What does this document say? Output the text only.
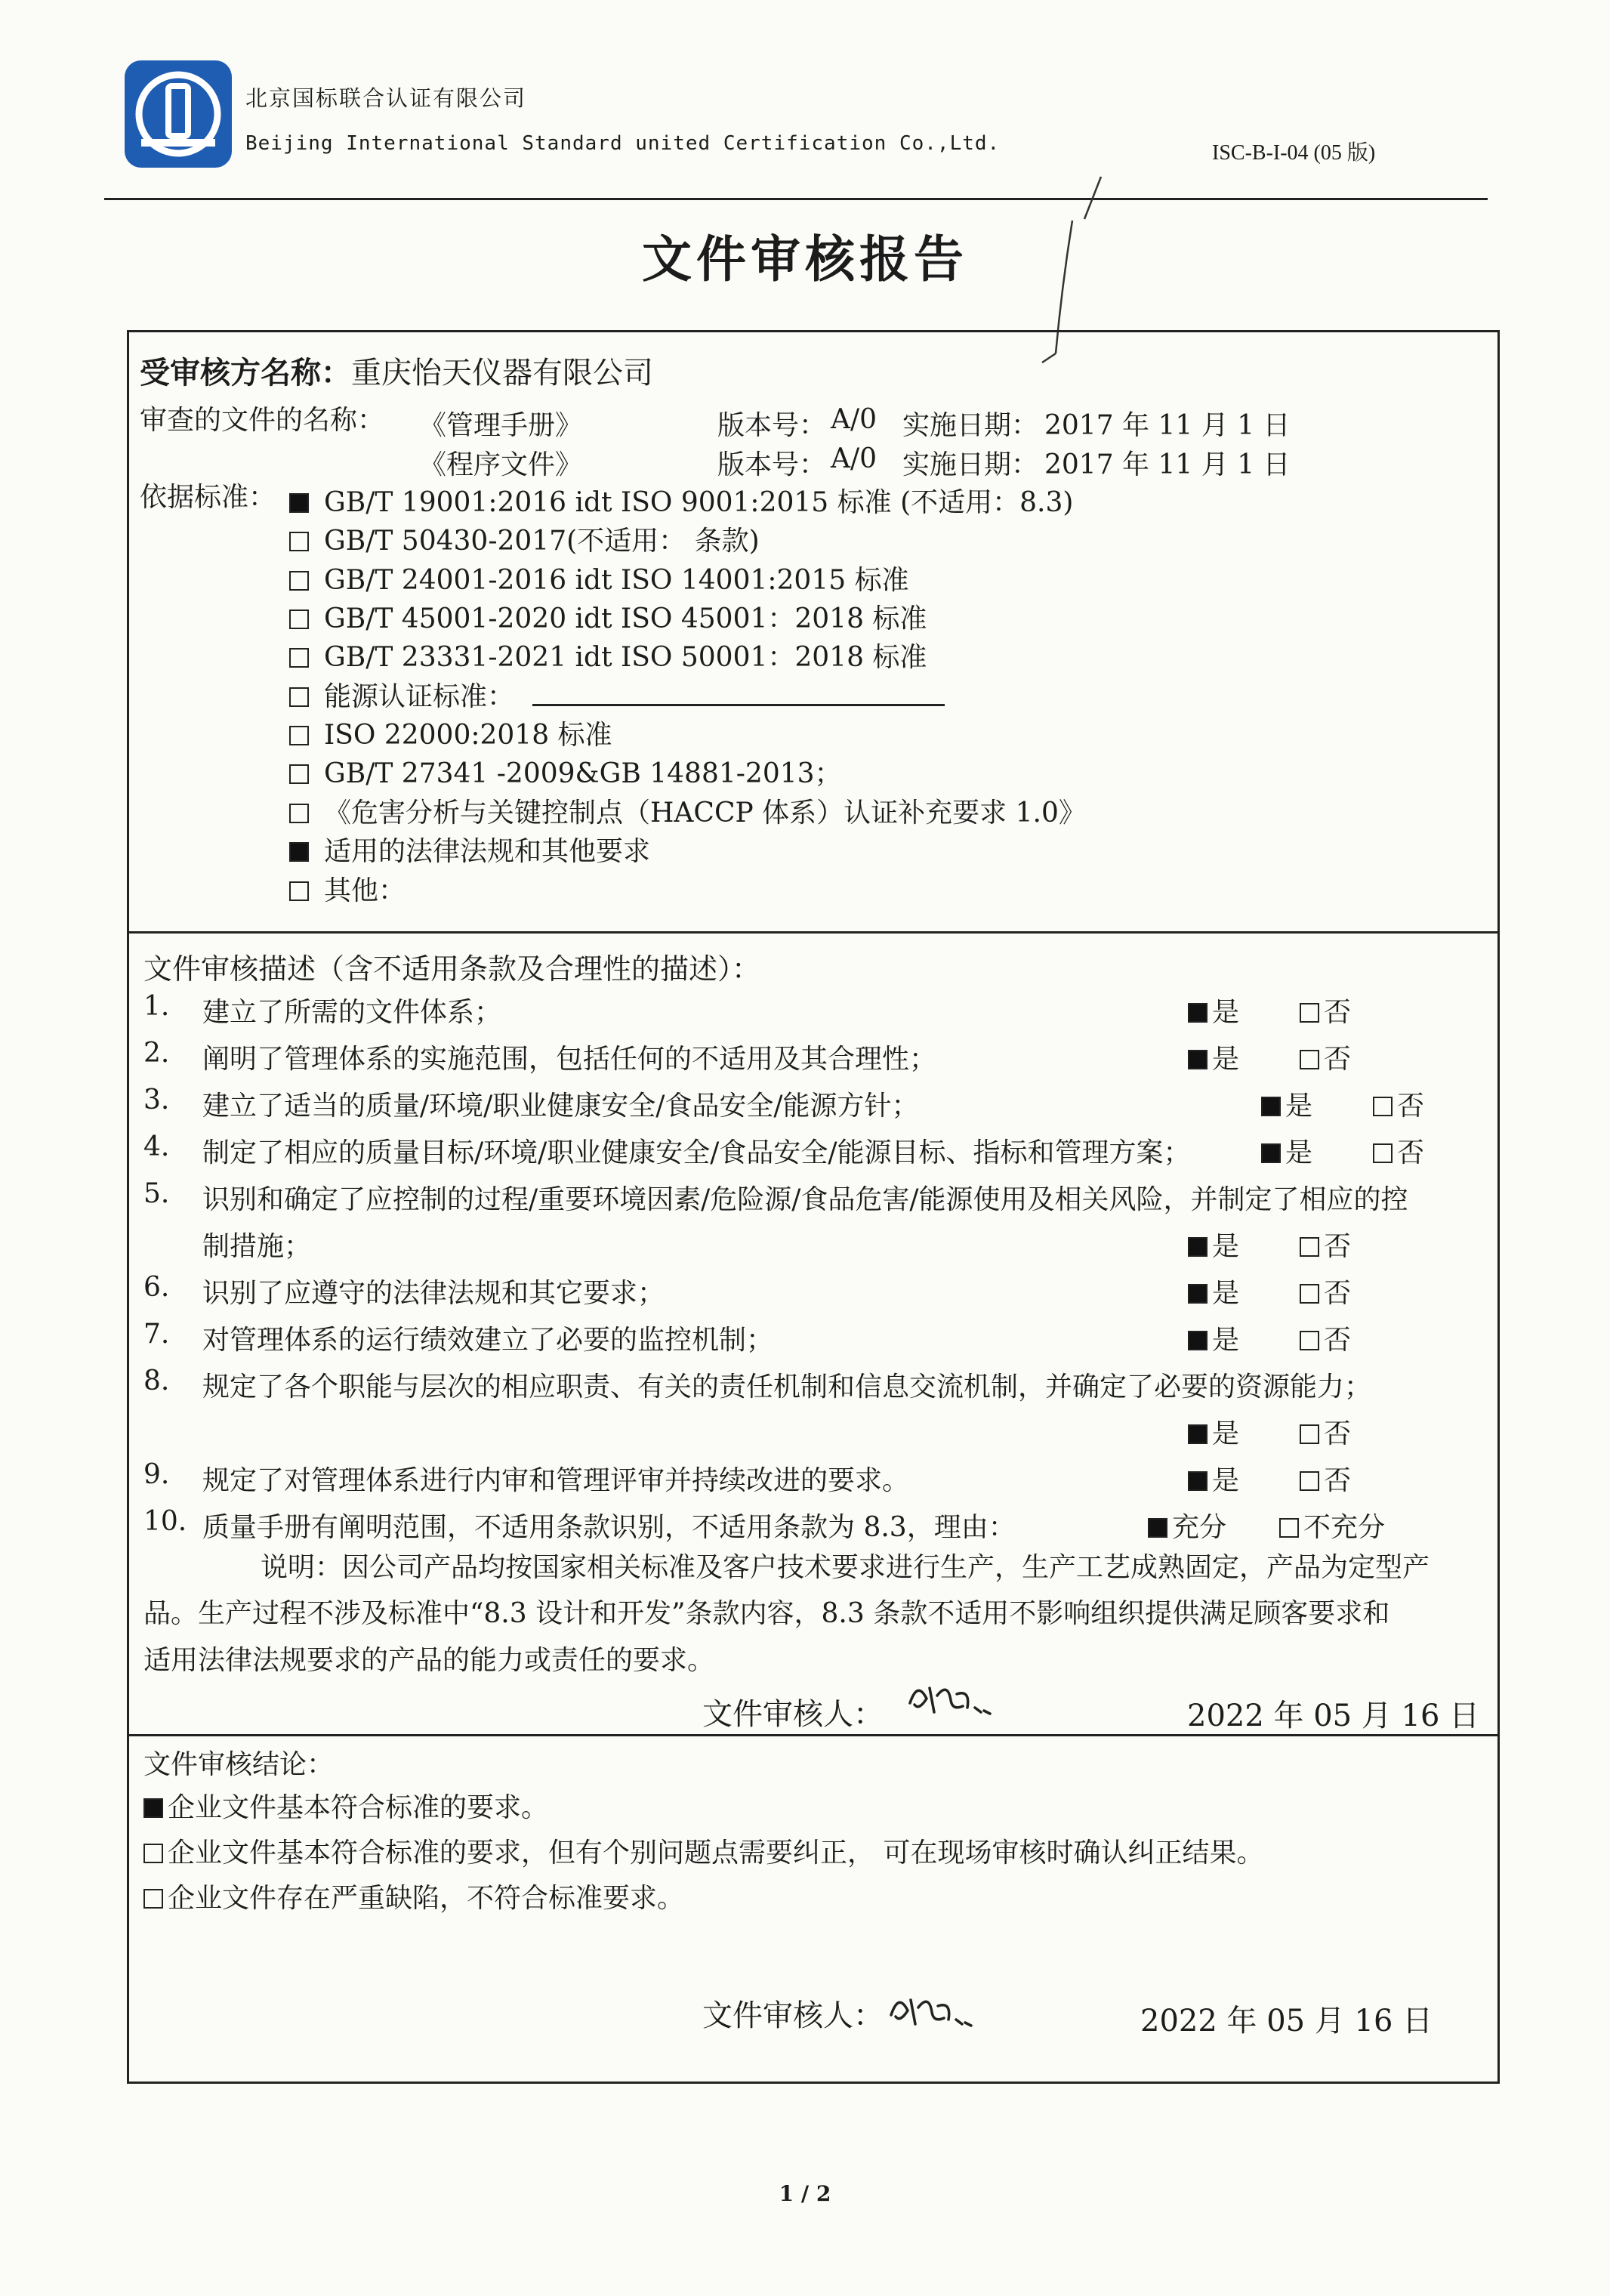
北京国标联合认证有限公司
Beijing International Standard united Certification Co.,Ltd.	ISC-B-I-04 (05 版)
文件审核报告
受审核方名称：重庆怡天仪器有限公司
审查的文件的名称： 《管理手册》	版本号： A/0 实施日期： 2017 年 11 月 1 日
《程序文件》	版本号： A/0 实施日期： 2017 年 11 月 1 日
依据标准：	GB/T 19001:2016 idt ISO 9001:2015 标准 (不适用：8.3)
GB/T 50430-2017(不适用： 条款)
GB/T 24001-2016 idt ISO 14001:2015 标准
GB/T 45001-2020 idt ISO 45001：2018 标准
GB/T 23331-2021 idt ISO 50001：2018 标准
能源认证标准：
ISO 22000:2018 标准
GB/T 27341 -2009&GB 14881-2013；
《危害分析与关键控制点（HACCP 体系）认证补充要求 1.0》
适用的法律法规和其他要求
其他：
文件审核描述（含不适用条款及合理性的描述）：
1. 建立了所需的文件体系；	是	否
2. 阐明了管理体系的实施范围，包括任何的不适用及其合理性；	是	否
3. 建立了适当的质量/环境/职业健康安全/食品安全/能源方针；	是	否
4. 制定了相应的质量目标/环境/职业健康安全/食品安全/能源目标、指标和管理方案；	是	否
5. 识别和确定了应控制的过程/重要环境因素/危险源/食品危害/能源使用及相关风险，并制定了相应的控
制措施；	是	否
6. 识别了应遵守的法律法规和其它要求；	是	否
7. 对管理体系的运行绩效建立了必要的监控机制；	是	否
8. 规定了各个职能与层次的相应职责、有关的责任机制和信息交流机制，并确定了必要的资源能力；
是	否
9. 规定了对管理体系进行内审和管理评审并持续改进的要求。	是	否
10. 质量手册有阐明范围，不适用条款识别，不适用条款为 8.3，理由：	充分	不充分
说明：因公司产品均按国家相关标准及客户技术要求进行生产，生产工艺成熟固定，产品为定型产
品。生产过程不涉及标准中“8.3 设计和开发”条款内容，8.3 条款不适用不影响组织提供满足顾客要求和
适用法律法规要求的产品的能力或责任的要求。
文件审核人：	2022 年 05 月 16 日
文件审核结论：
企业文件基本符合标准的要求。
企业文件基本符合标准的要求，但有个别问题点需要纠正， 可在现场审核时确认纠正结果。
企业文件存在严重缺陷，不符合标准要求。
文件审核人：	2022 年 05 月 16 日
1 / 2
